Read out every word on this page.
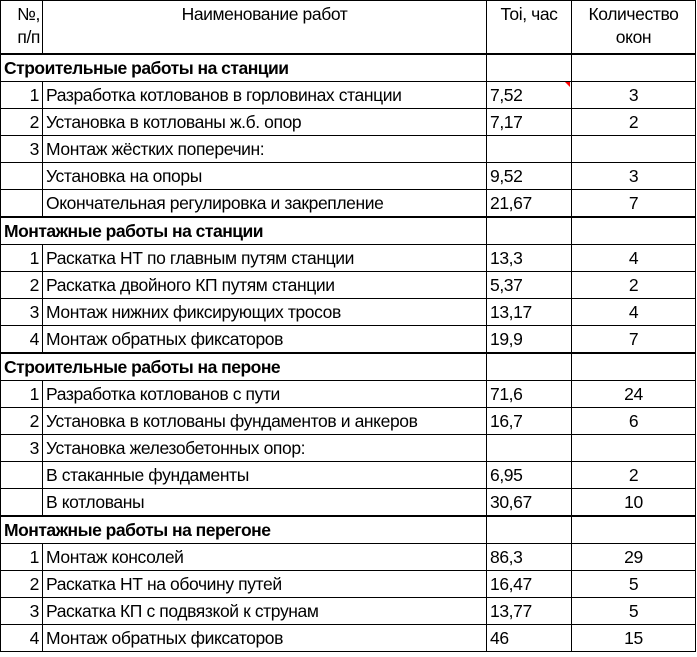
№, п/п	Наименование работ	Тоi, час	Количество окон
Строительные работы на станции			
1	Разработка котлованов в горловинах станции	7,52	3
2	Установка в котлованы ж.б. опор	7,17	2
3	Монтаж жёстких поперечин:		
	Установка на опоры	9,52	3
	Окончательная регулировка и закрепление	21,67	7
Монтажные работы на станции			
1	Раскатка НТ по главным путям станции	13,3	4
2	Раскатка двойного КП путям станции	5,37	2
3	Монтаж нижних фиксирующих тросов	13,17	4
4	Монтаж обратных фиксаторов	19,9	7
Строительные работы на пероне			
1	Разработка котлованов с пути	71,6	24
2	Установка в котлованы фундаментов и анкеров	16,7	6
3	Установка железобетонных опор:		
	В стаканные фундаменты	6,95	2
	В котлованы	30,67	10
Монтажные работы на перегоне			
1	Монтаж консолей	86,3	29
2	Раскатка НТ на обочину путей	16,47	5
3	Раскатка КП с подвязкой к струнам	13,77	5
4	Монтаж обратных фиксаторов	46	15
